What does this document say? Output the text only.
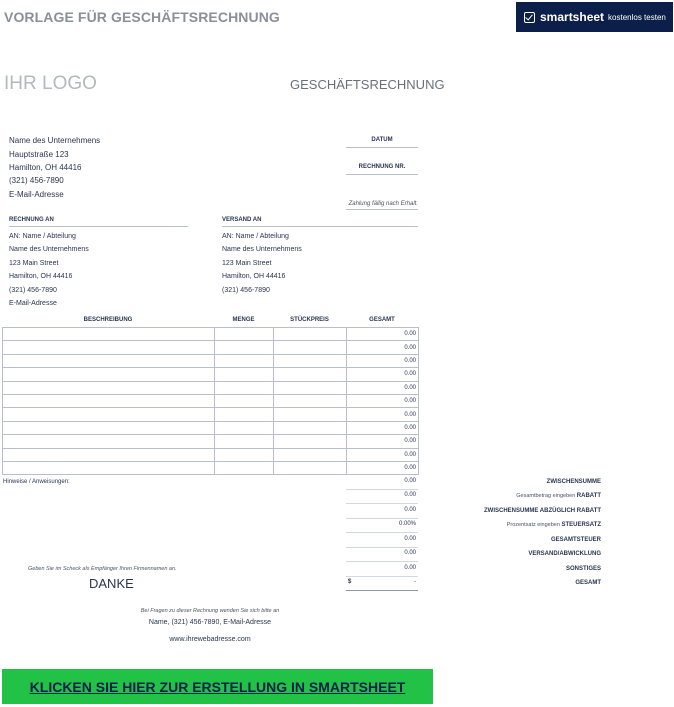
VORLAGE FÜR GESCHÄFTSRECHNUNG	smartsheet kostenlos testen
IHR LOGO	GESCHÄFTSRECHNUNG
Name des Unternehmens
Hauptstraße 123
Hamilton, OH 44416
(321) 456-7890
E-Mail-Adresse
DATUM
RECHNUNG NR.
Zahlung fällig nach Erhalt.
RECHNUNG AN
AN: Name / Abteilung
Name des Unternehmens
123 Main Street
Hamilton, OH 44416
(321) 456-7890
E-Mail-Adresse
VERSAND AN
AN: Name / Abteilung
Name des Unternehmens
123 Main Street
Hamilton, OH 44416
(321) 456-7890
BESCHREIBUNG	MENGE	STÜCKPREIS	GESAMT
			0.00
			0.00
			0.00
			0.00
			0.00
			0.00
			0.00
			0.00
			0.00
			0.00
			0.00
Hinweise / Anweisungen:	ZWISCHENSUMME
0.00
Gesamtbetrag eingeben RABATT
0.00
ZWISCHENSUMME ABZÜGLICH RABATT
0.00
Prozentsatz eingeben STEUERSATZ
0.00%
GESAMTSTEUER
0.00
VERSAND/ABWICKLUNG
0.00
SONSTIGES
0.00
GESAMT
$	-
Geben Sie im Scheck als Empfänger Ihren Firmennamen an.
DANKE
Bei Fragen zu dieser Rechnung wenden Sie sich bitte an
Name, (321) 456-7890, E-Mail-Adresse
www.ihrewebadresse.com
KLICKEN SIE HIER ZUR ERSTELLUNG IN SMARTSHEET
